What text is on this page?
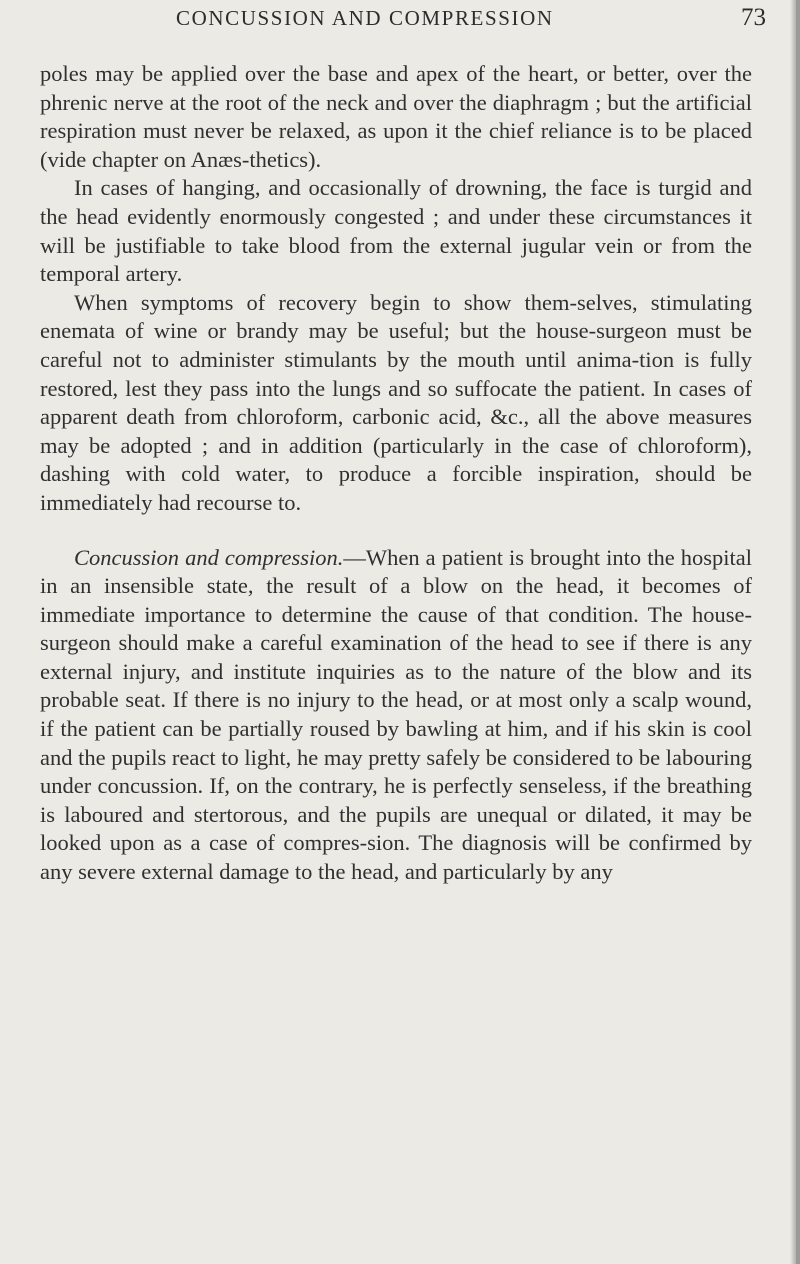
CONCUSSION AND COMPRESSION	73

poles may be applied over the base and apex of the heart, or better, over the phrenic nerve at the root of the neck and over the diaphragm ; but the artificial respiration must never be relaxed, as upon it the chief reliance is to be placed (vide chapter on Anæs-thetics).

In cases of hanging, and occasionally of drowning, the face is turgid and the head evidently enormously congested ; and under these circumstances it will be justifiable to take blood from the external jugular vein or from the temporal artery.

When symptoms of recovery begin to show them-selves, stimulating enemata of wine or brandy may be useful; but the house-surgeon must be careful not to administer stimulants by the mouth until anima-tion is fully restored, lest they pass into the lungs and so suffocate the patient. In cases of apparent death from chloroform, carbonic acid, &c., all the above measures may be adopted ; and in addition (particularly in the case of chloroform), dashing with cold water, to produce a forcible inspiration, should be immediately had recourse to.

Concussion and compression.—When a patient is brought into the hospital in an insensible state, the result of a blow on the head, it becomes of immediate importance to determine the cause of that condition. The house-surgeon should make a careful examination of the head to see if there is any external injury, and institute inquiries as to the nature of the blow and its probable seat. If there is no injury to the head, or at most only a scalp wound, if the patient can be partially roused by bawling at him, and if his skin is cool and the pupils react to light, he may pretty safely be considered to be labouring under concussion. If, on the contrary, he is perfectly senseless, if the breathing is laboured and stertorous, and the pupils are unequal or dilated, it may be looked upon as a case of compres-sion. The diagnosis will be confirmed by any severe external damage to the head, and particularly by any
